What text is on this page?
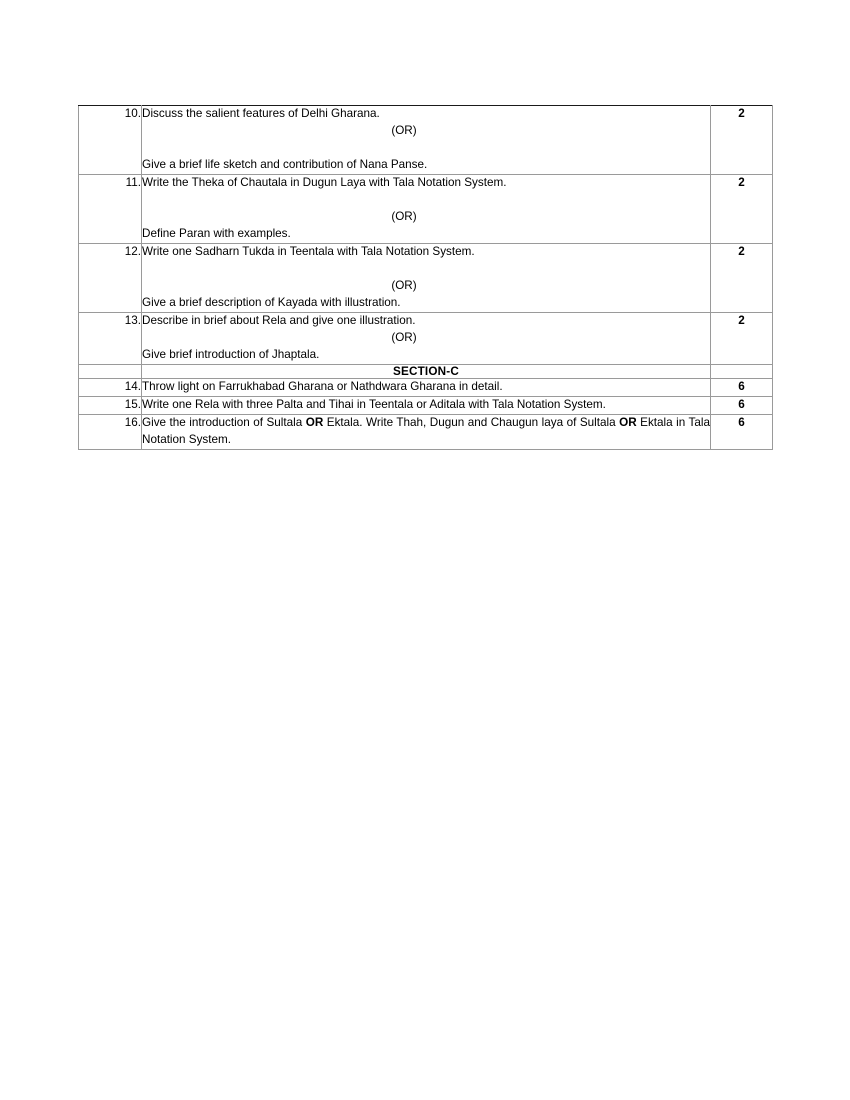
10.	Discuss the salient features of Delhi Gharana.
(OR)
Give a brief life sketch and contribution of Nana Panse.	2
11.	Write the Theka of Chautala in Dugun Laya with Tala Notation System.
(OR)
Define Paran with examples.	2
12.	Write one Sadharn Tukda in Teentala with Tala Notation System.
(OR)
Give a brief description of Kayada with illustration.	2
13.	Describe in brief about Rela and give one illustration.
(OR)
Give brief introduction of Jhaptala.	2
	SECTION-C	
14.	Throw light on Farrukhabad Gharana or Nathdwara Gharana in detail.	6
15.	Write one Rela with three Palta and Tihai in Teentala or Aditala with Tala Notation System.	6
16.	Give the introduction of Sultala OR Ektala. Write Thah, Dugun and Chaugun laya of Sultala OR Ektala in Tala Notation System.	6
